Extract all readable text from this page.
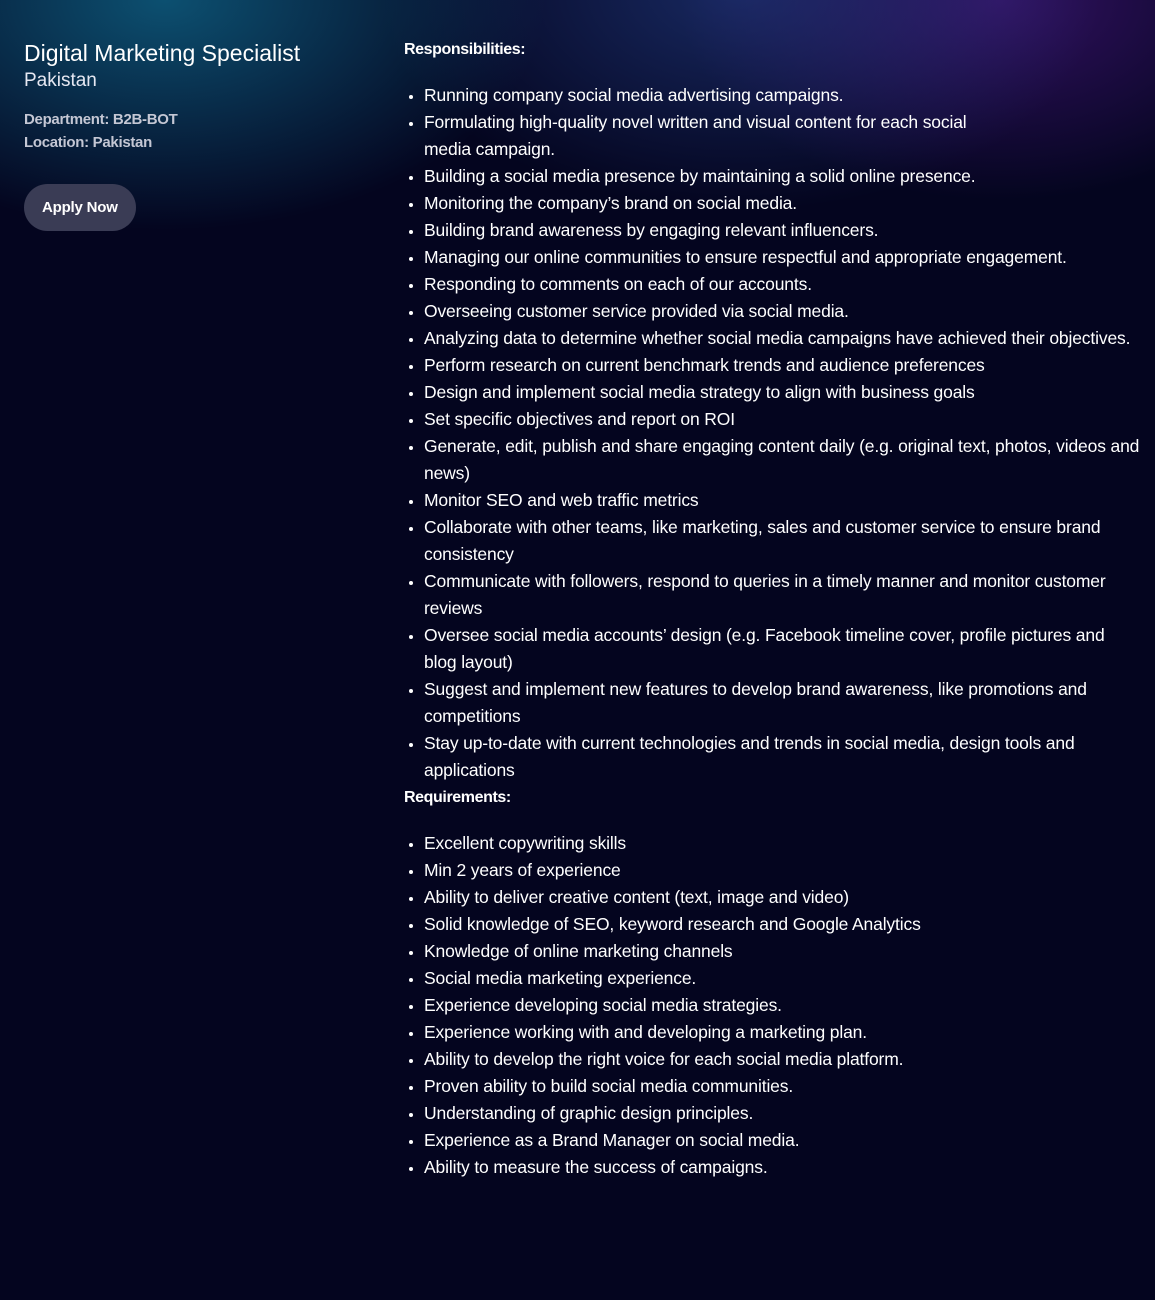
Digital Marketing Specialist

Pakistan

Department: B2B-BOT
Location: Pakistan
Apply Now
Responsibilities:
• Running company social media advertising campaigns.
• Formulating high-quality novel written and visual content for each social media campaign.
• Building a social media presence by maintaining a solid online presence.
• Monitoring the company’s brand on social media.
• Building brand awareness by engaging relevant influencers.
• Managing our online communities to ensure respectful and appropriate engagement.
• Responding to comments on each of our accounts.
• Overseeing customer service provided via social media.
• Analyzing data to determine whether social media campaigns have achieved their objectives.
• Perform research on current benchmark trends and audience preferences
• Design and implement social media strategy to align with business goals
• Set specific objectives and report on ROI
• Generate, edit, publish and share engaging content daily (e.g. original text, photos, videos and news)
• Monitor SEO and web traffic metrics
• Collaborate with other teams, like marketing, sales and customer service to ensure brand consistency
• Communicate with followers, respond to queries in a timely manner and monitor customer reviews
• Oversee social media accounts’ design (e.g. Facebook timeline cover, profile pictures and blog layout)
• Suggest and implement new features to develop brand awareness, like promotions and competitions
• Stay up-to-date with current technologies and trends in social media, design tools and applications
Requirements:
• Excellent copywriting skills
• Min 2 years of experience
• Ability to deliver creative content (text, image and video)
• Solid knowledge of SEO, keyword research and Google Analytics
• Knowledge of online marketing channels
• Social media marketing experience.
• Experience developing social media strategies.
• Experience working with and developing a marketing plan.
• Ability to develop the right voice for each social media platform.
• Proven ability to build social media communities.
• Understanding of graphic design principles.
• Experience as a Brand Manager on social media.
• Ability to measure the success of campaigns.
